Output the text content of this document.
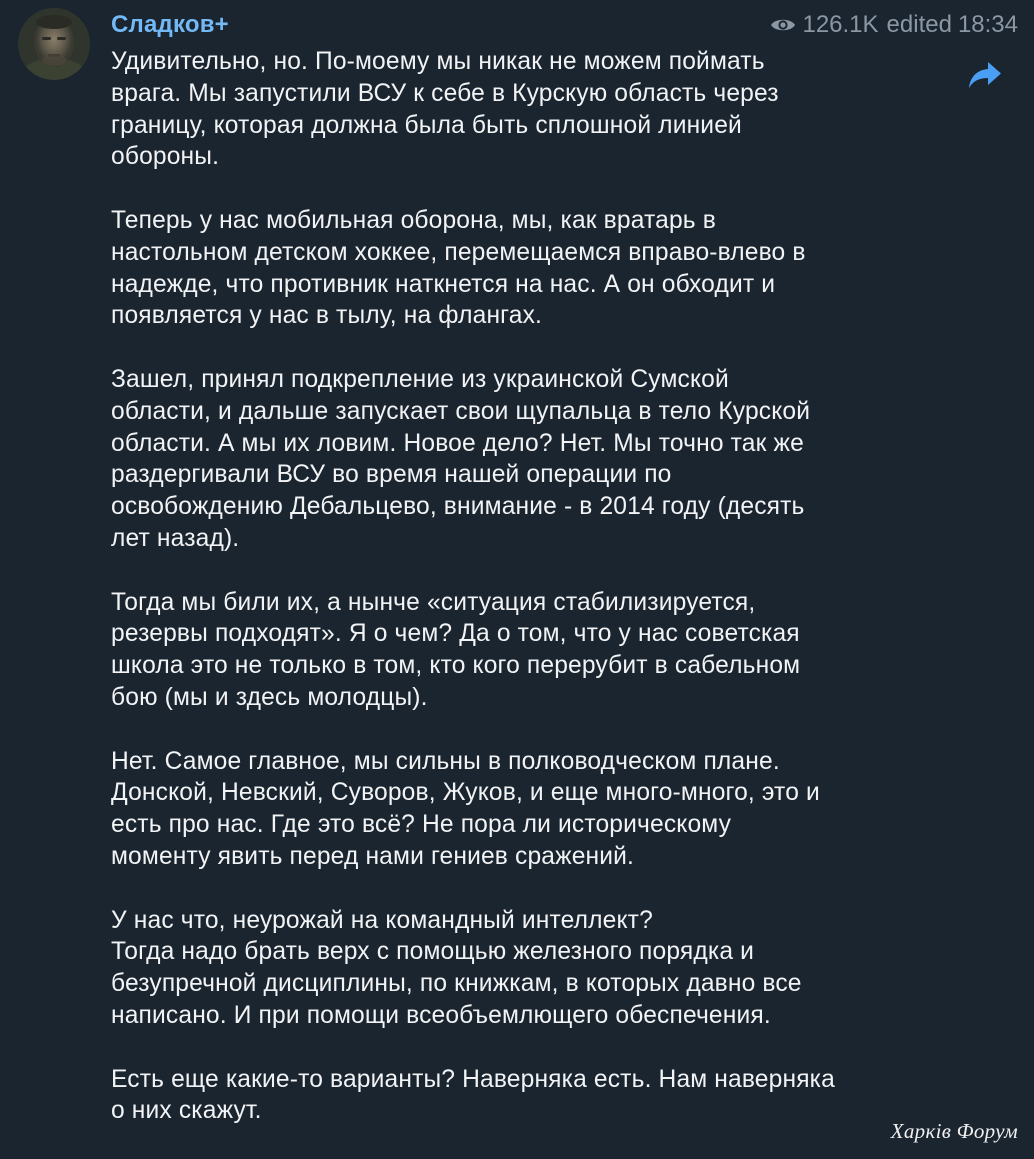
Сладков+	126.1K edited 18:34

Удивительно, но. По-моему мы никак не можем поймать
врага. Мы запустили ВСУ к себе в Курскую область через
границу, которая должна была быть сплошной линией
обороны.

Теперь у нас мобильная оборона, мы, как вратарь в
настольном детском хоккее, перемещаемся вправо-влево в
надежде, что противник наткнется на нас. А он обходит и
появляется у нас в тылу, на флангах.

Зашел, принял подкрепление из украинской Сумской
области, и дальше запускает свои щупальца в тело Курской
области. А мы их ловим. Новое дело? Нет. Мы точно так же
раздергивали ВСУ во время нашей операции по
освобождению Дебальцево, внимание - в 2014 году (десять
лет назад).

Тогда мы били их, а нынче «ситуация стабилизируется,
резервы подходят». Я о чем? Да о том, что у нас советская
школа это не только в том, кто кого перерубит в сабельном
бою (мы и здесь молодцы).

Нет. Самое главное, мы сильны в полководческом плане.
Донской, Невский, Суворов, Жуков, и еще много-много, это и
есть про нас. Где это всё? Не пора ли историческому
моменту явить перед нами гениев сражений.

У нас что, неурожай на командный интеллект?
Тогда надо брать верх с помощью железного порядка и
безупречной дисциплины, по книжкам, в которых давно все
написано. И при помощи всеобъемлющего обеспечения.

Есть еще какие-то варианты? Наверняка есть. Нам наверняка
о них скажут.

Харків Форум
